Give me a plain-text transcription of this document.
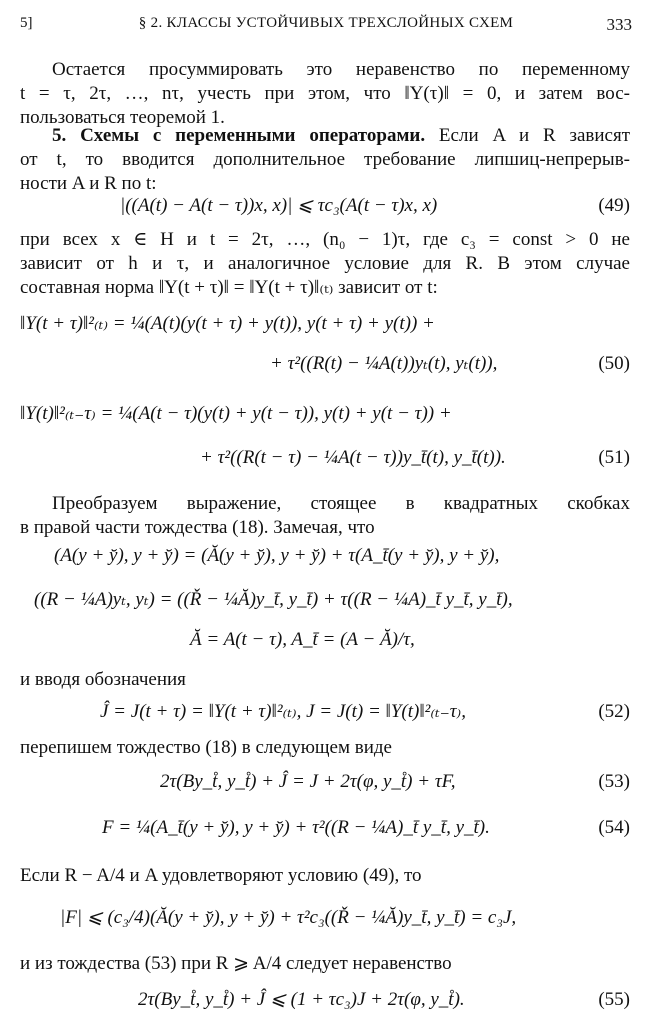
5]	§ 2. КЛАССЫ УСТОЙЧИВЫХ ТРЕХСЛОЙНЫХ СХЕМ	333
Остается просуммировать это неравенство по переменному
t = τ, 2τ, …, nτ, учесть при этом, что ‖Y(τ)‖ = 0, и затем вос-
пользоваться теоремой 1.
5. Схемы с переменными операторами. Если A и R зависят
от t, то вводится дополнительное требование липшиц-непрерыв-
ности A и R по t:
|((A(t) − A(t − τ))x, x)| ⩽ τc₃(A(t − τ)x, x)	(49)
при всех x ∈ H и t = 2τ, …, (n₀ − 1)τ, где c₃ = const > 0 не
зависит от h и τ, и аналогичное условие для R. В этом случае
составная норма ‖Y(t + τ)‖ = ‖Y(t + τ)‖₍ₜ₎ зависит от t:
‖Y(t + τ)‖²₍ₜ₎ = ¼(A(t)(y(t + τ) + y(t)), y(t + τ) + y(t)) +
+ τ²((R(t) − ¼A(t))yₜ(t), yₜ(t)),	(50)
‖Y(t)‖²₍ₜ₋τ₎ = ¼(A(t − τ)(y(t) + y(t − τ)), y(t) + y(t − τ)) +
+ τ²((R(t − τ) − ¼A(t − τ))y_t̄(t), y_t̄(t)).	(51)
Преобразуем выражение, стоящее в квадратных скобках
в правой части тождества (18). Замечая, что
(A(y + y̆), y + y̆) = (Ă(y + y̆), y + y̆) + τ(A_t̄(y + y̆), y + y̆),
((R − ¼A)yₜ, yₜ) = ((Ř − ¼Ă)y_t̄, y_t̄) + τ((R − ¼A)_t̄ y_t̄, y_t̄),
Ă = A(t − τ), A_t̄ = (A − Ă)/τ,
и вводя обозначения
Ĵ = J(t + τ) = ‖Y(t + τ)‖²₍ₜ₎, J = J(t) = ‖Y(t)‖²₍ₜ₋τ₎,	(52)
перепишем тождество (18) в следующем виде
2τ(By_t̊, y_t̊) + Ĵ = J + 2τ(φ, y_t̊) + τF,	(53)
F = ¼(A_t̄(y + y̆), y + y̆) + τ²((R − ¼A)_t̄ y_t̄, y_t̄).	(54)
Если R − A/4 и A удовлетворяют условию (49), то
|F| ⩽ (c₃/4)(Ă(y + y̆), y + y̆) + τ²c₃((Ř − ¼Ă)y_t̄, y_t̄) = c₃J,
и из тождества (53) при R ⩾ A/4 следует неравенство
2τ(By_t̊, y_t̊) + Ĵ ⩽ (1 + τc₃)J + 2τ(φ, y_t̊).	(55)
